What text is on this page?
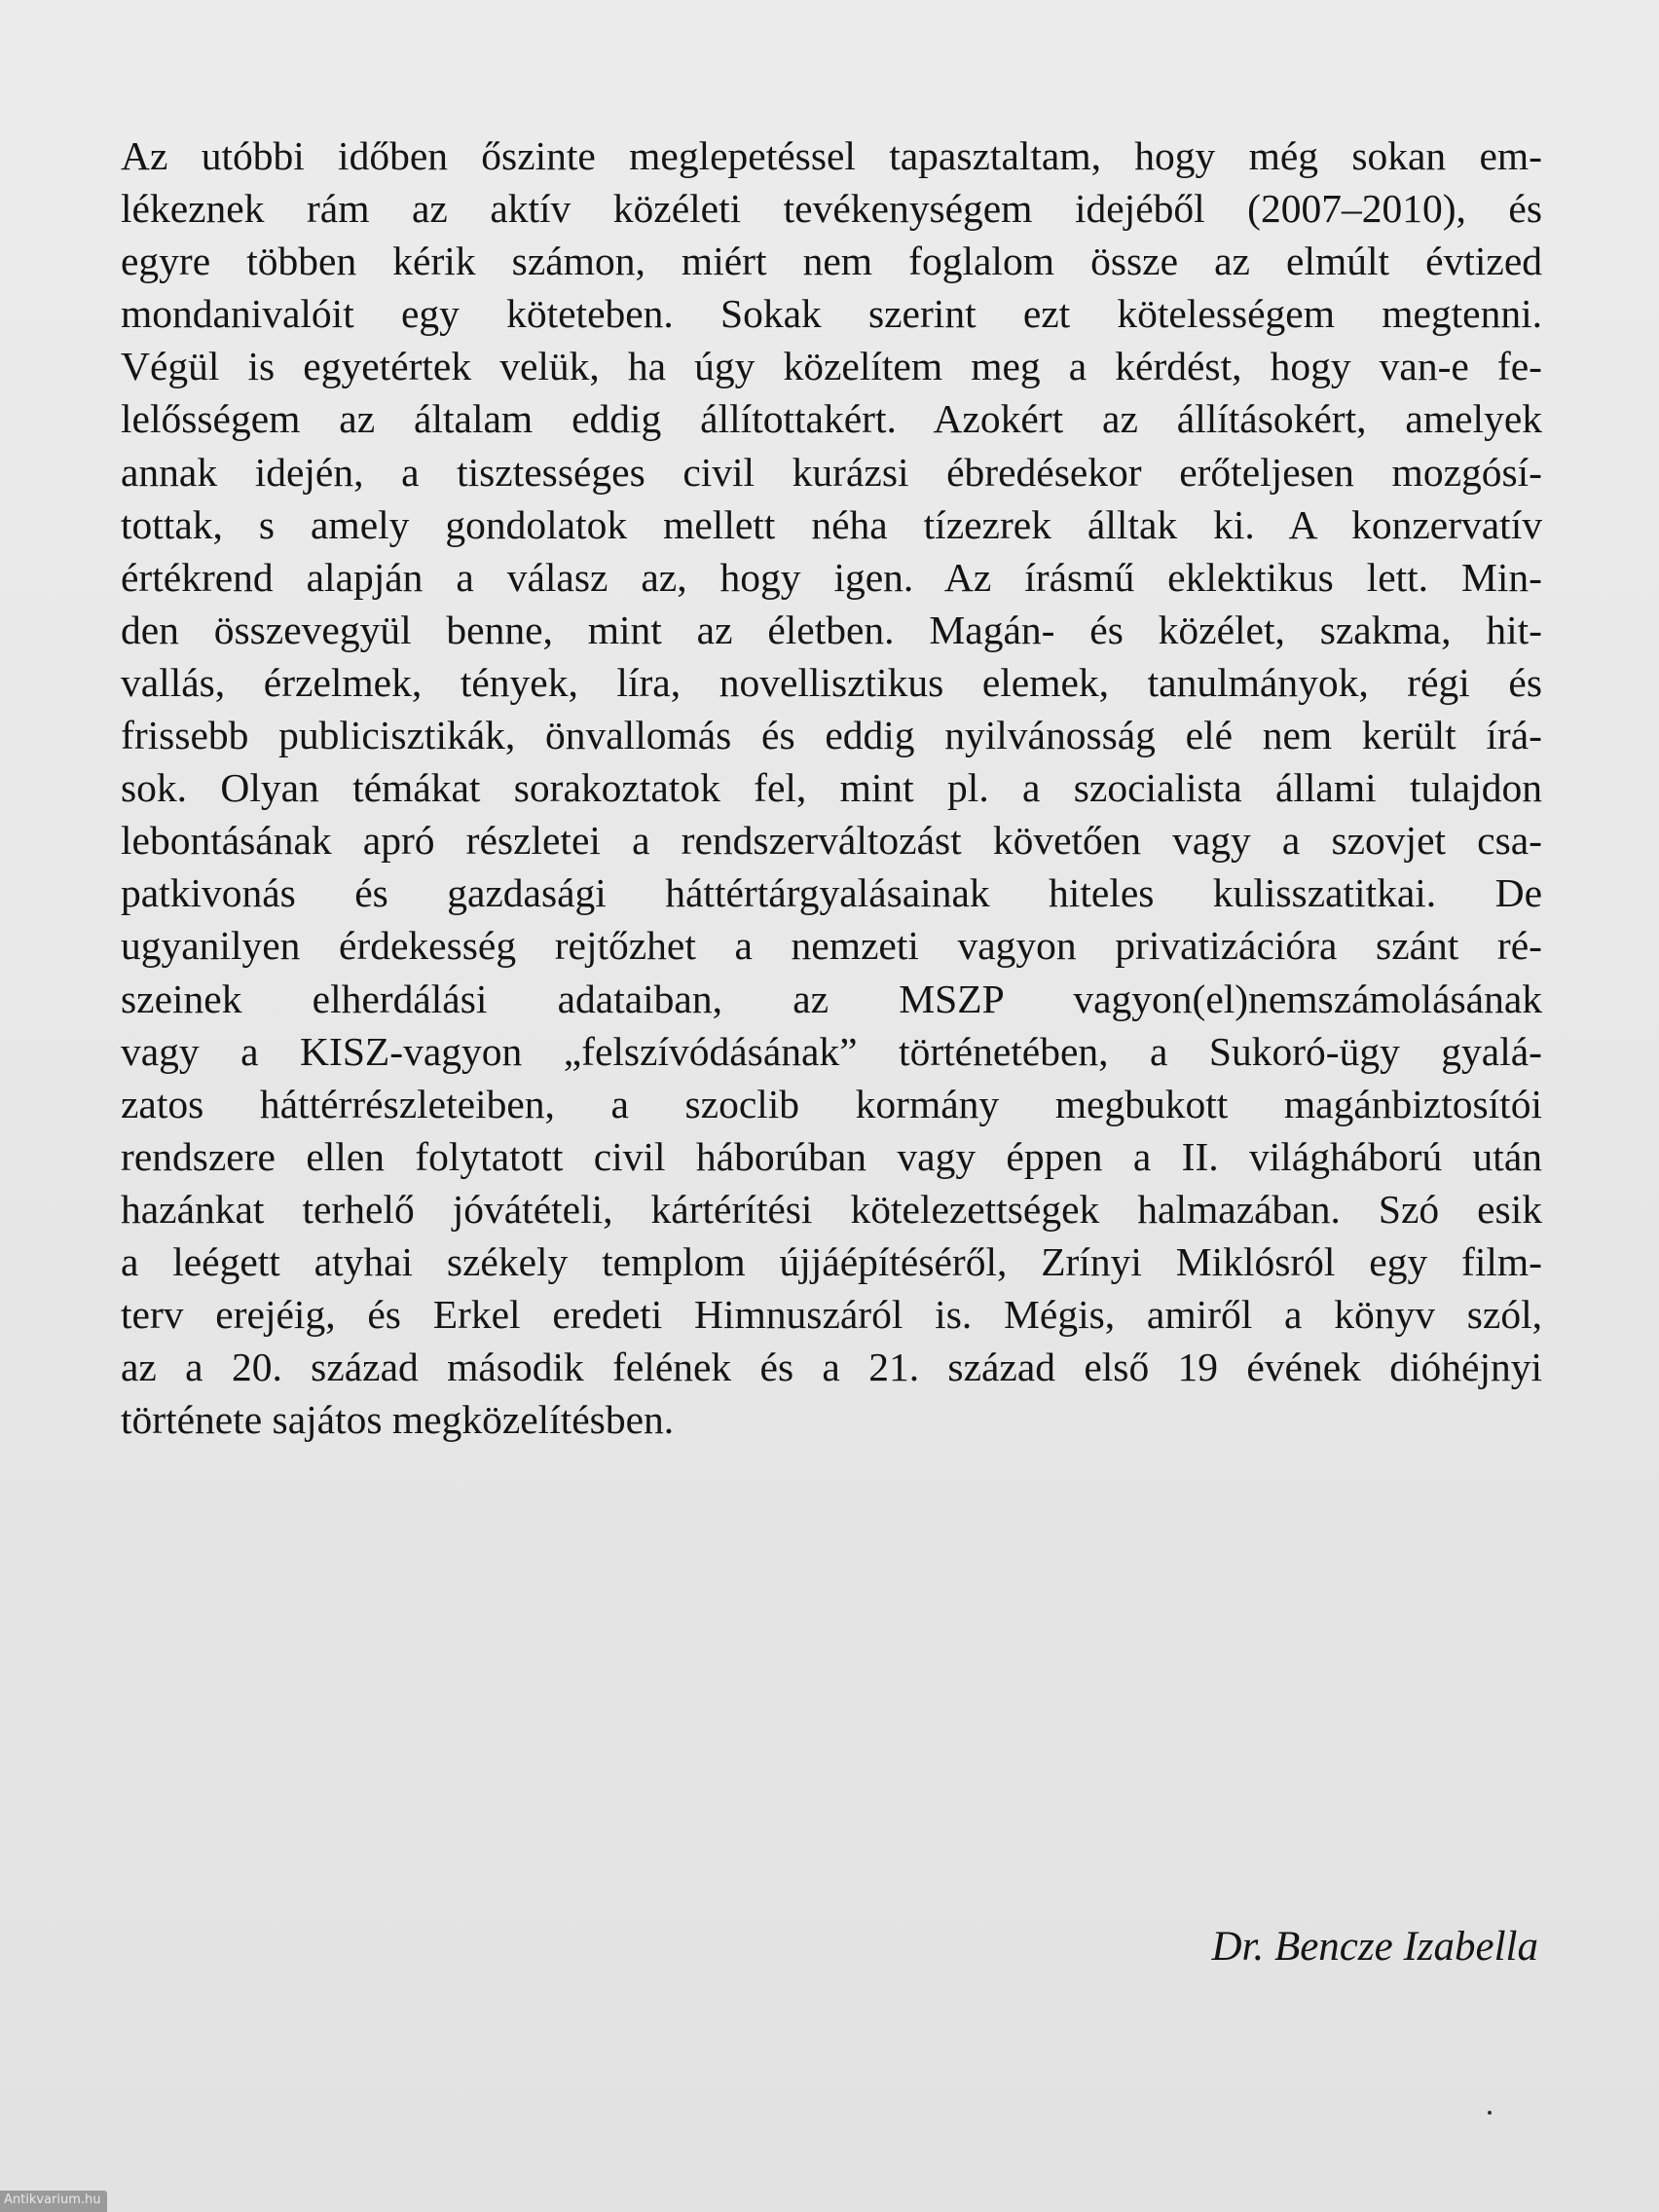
Az utóbbi időben őszinte meglepetéssel tapasztaltam, hogy még sokan em-
lékeznek rám az aktív közéleti tevékenységem idejéből (2007–2010), és
egyre többen kérik számon, miért nem foglalom össze az elmúlt évtized
mondanivalóit egy köteteben. Sokak szerint ezt kötelességem megtenni.
Végül is egyetértek velük, ha úgy közelítem meg a kérdést, hogy van-e fe-
lelősségem az általam eddig állítottakért. Azokért az állításokért, amelyek
annak idején, a tisztességes civil kurázsi ébredésekor erőteljesen mozgósí-
tottak, s amely gondolatok mellett néha tízezrek álltak ki. A konzervatív
értékrend alapján a válasz az, hogy igen. Az írásmű eklektikus lett. Min-
den összevegyül benne, mint az életben. Magán- és közélet, szakma, hit-
vallás, érzelmek, tények, líra, novellisztikus elemek, tanulmányok, régi és
frissebb publicisztikák, önvallomás és eddig nyilvánosság elé nem került írá-
sok. Olyan témákat sorakoztatok fel, mint pl. a szocialista állami tulajdon
lebontásának apró részletei a rendszerváltozást követően vagy a szovjet csa-
patkivonás és gazdasági háttértárgyalásainak hiteles kulisszatitkai. De
ugyanilyen érdekesség rejtőzhet a nemzeti vagyon privatizációra szánt ré-
szeinek elherdálási adataiban, az MSZP vagyon(el)nemszámolásának
vagy a KISZ-vagyon „felszívódásának” történetében, a Sukoró-ügy gyalá-
zatos háttérrészleteiben, a szoclib kormány megbukott magánbiztosítói
rendszere ellen folytatott civil háborúban vagy éppen a II. világháború után
hazánkat terhelő jóvátételi, kártérítési kötelezettségek halmazában. Szó esik
a leégett atyhai székely templom újjáépítéséről, Zrínyi Miklósról egy film-
terv erejéig, és Erkel eredeti Himnuszáról is. Mégis, amiről a könyv szól,
az a 20. század második felének és a 21. század első 19 évének dióhéjnyi
története sajátos megközelítésben.

Dr. Bencze Izabella

Antikvarium.hu
